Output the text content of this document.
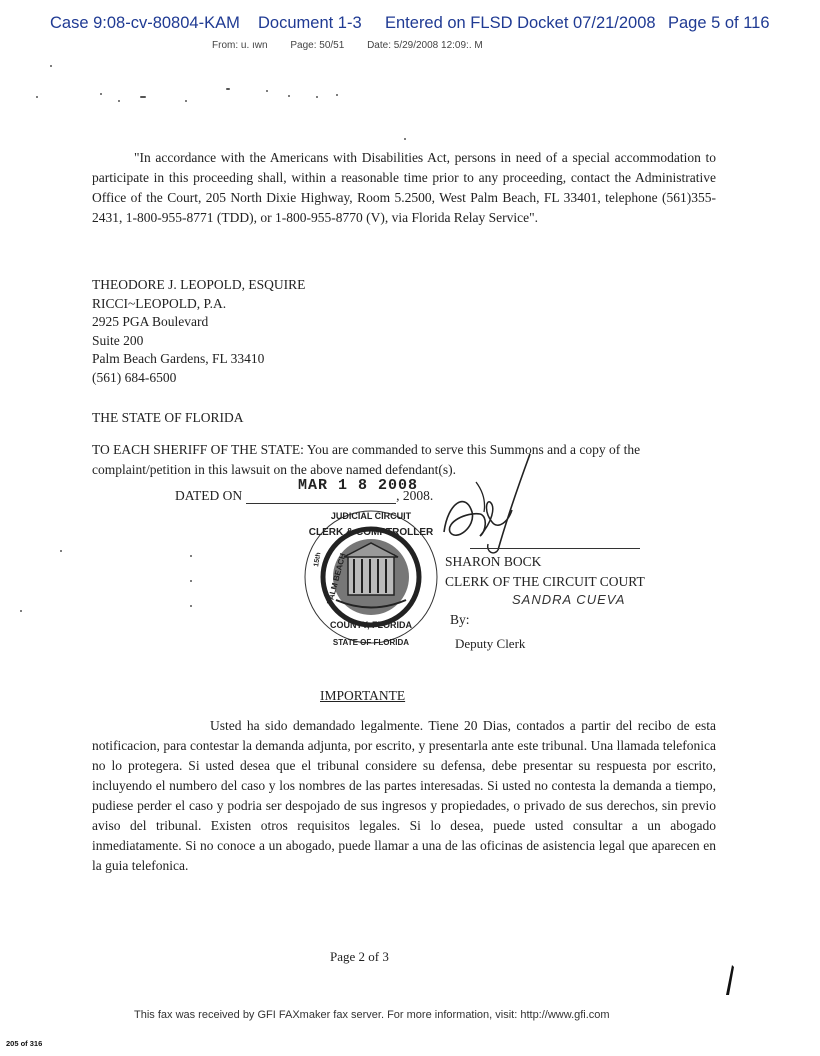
Case 9:08-cv-80804-KAM Document 1-3 Entered on FLSD Docket 07/21/2008 Page 5 of 116
From: u. ıwn Page: 50/51 Date: 5/29/2008 12:09:. M
"In accordance with the Americans with Disabilities Act, persons in need of a special accommodation to participate in this proceeding shall, within a reasonable time prior to any proceeding, contact the Administrative Office of the Court, 205 North Dixie Highway, Room 5.2500, West Palm Beach, FL 33401, telephone (561)355-2431, 1-800-955-8771 (TDD), or 1-800-955-8770 (V), via Florida Relay Service".
THEODORE J. LEOPOLD, ESQUIRE
RICCI~LEOPOLD, P.A.
2925 PGA Boulevard
Suite 200
Palm Beach Gardens, FL 33410
(561) 684-6500
THE STATE OF FLORIDA
TO EACH SHERIFF OF THE STATE: You are commanded to serve this Summons and a copy of the complaint/petition in this lawsuit on the above named defendant(s).
DATED ON	, 2008.
MAR 1 8 2008
JUDICIAL CIRCUIT
CLERK & COMPTROLLER
15th PALM BEACH
COUNTY, FLORIDA
STATE OF FLORIDA
SHARON BOCK
CLERK OF THE CIRCUIT COURT
SANDRA CUEVA
By:
Deputy Clerk
IMPORTANTE

Usted ha sido demandado legalmente. Tiene 20 Dias, contados a partir del recibo de esta notificacion, para contestar la demanda adjunta, por escrito, y presentarla ante este tribunal. Una llamada telefonica no lo protegera. Si usted desea que el tribunal considere su defensa, debe presentar su respuesta por escrito, incluyendo el numbero del caso y los nombres de las partes interesadas. Si usted no contesta la demanda a tiempo, pudiese perder el caso y podria ser despojado de sus ingresos y propiedades, o privado de sus derechos, sin previo aviso del tribunal. Existen otros requisitos legales. Si lo desea, puede usted consultar a un abogado inmediatamente. Si no conoce a un abogado, puede llamar a una de las oficinas de asistencia legal que aparecen en la guia telefonica.

Page 2 of 3
This fax was received by GFI FAXmaker fax server. For more information, visit: http://www.gfi.com
205 of 316
